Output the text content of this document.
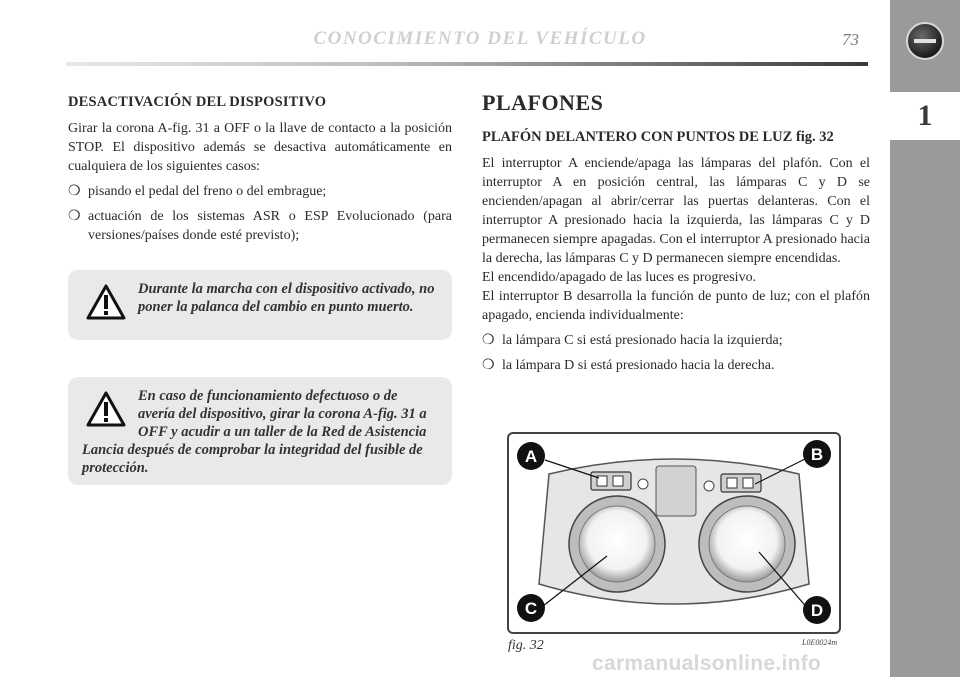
1
CONOCIMIENTO DEL VEHÍCULO	73
DESACTIVACIÓN DEL DISPOSITIVO

Girar la corona A-fig. 31 a OFF o la llave de contacto a la posición STOP. El dispositivo además se desactiva automáticamente en cualquiera de los siguientes casos:

❍ pisando el pedal del freno o del embrague;
❍ actuación de los sistemas ASR o ESP Evolucionado (para versiones/países donde esté previsto);
Durante la marcha con el dispositivo activado, no poner la palanca del cambio en punto muerto.
En caso de funcionamiento defectuoso o de avería del dispositivo, girar la corona A-fig. 31 a OFF y acudir a un taller de la Red de Asistencia Lancia después de comprobar la integridad del fusible de protección.
PLAFONES
PLAFÓN DELANTERO CON PUNTOS DE LUZ fig. 32

El interruptor A enciende/apaga las lámparas del plafón. Con el interruptor A en posición central, las lámparas C y D se encienden/apagan al abrir/cerrar las puertas delanteras. Con el interruptor A presionado hacia la izquierda, las lámparas C y D permanecen siempre apagadas. Con el interruptor A presionado hacia la derecha, las lámparas C y D permanecen siempre encendidas.

El encendido/apagado de las luces es progresivo.

El interruptor B desarrolla la función de punto de luz; con el plafón apagado, encienda individualmente:

❍ la lámpara C si está presionado hacia la izquierda;
❍ la lámpara D si está presionado hacia la derecha.
A	B
C	D
fig. 32	L0E0024m
carmanualsonline.info
